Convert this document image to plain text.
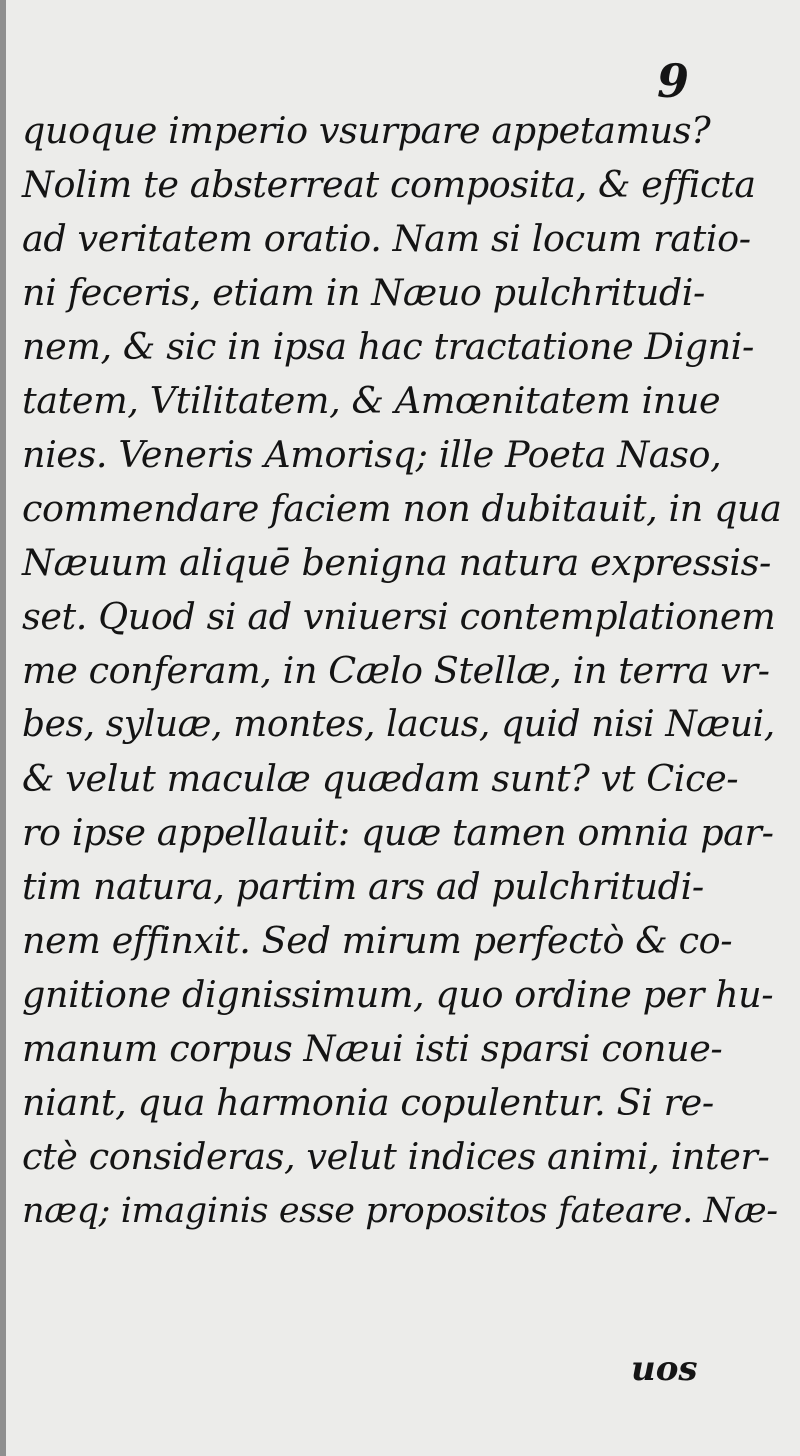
9
quoque imperio vsurpare appetamus?
Nolim te absterreat composita, & efficta
ad veritatem oratio. Nam si locum ratio-
ni feceris, etiam in Næuo pulchritudi-
nem, & sic in ipsa hac tractatione Digni-
tatem, Vtilitatem, & Amœnitatem inue
nies. Veneris Amorisq; ille Poeta Naso,
commendare faciem non dubitauit, in qua
Næuum aliquē benigna natura expressis-
set. Quod si ad vniuersi contemplationem
me conferam, in Cælo Stellæ, in terra vr-
bes, syluæ, montes, lacus, quid nisi Næui,
& velut maculæ quædam sunt? vt Cice-
ro ipse appellauit: quæ tamen omnia par-
tim natura, partim ars ad pulchritudi-
nem effinxit. Sed mirum perfectò & co-
gnitione dignissimum, quo ordine per hu-
manum corpus Næui isti sparsi conue-
niant, qua harmonia copulentur. Si re-
ctè consideras, velut indices animi, inter-
næq; imaginis esse propositos fateare. Næ-
uos
